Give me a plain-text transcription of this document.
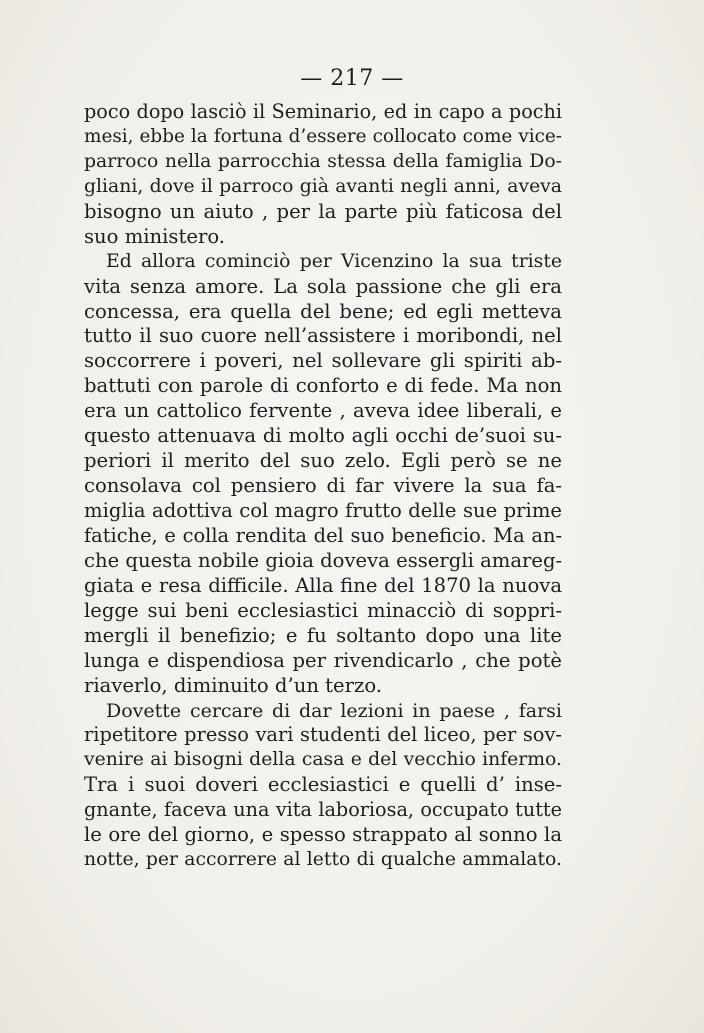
— 217 —
poco dopo lasciò il Seminario, ed in capo a pochi
mesi, ebbe la fortuna d’essere collocato come vice-
parroco nella parrocchia stessa della famiglia Do-
gliani, dove il parroco già avanti negli anni, aveva
bisogno un aiuto , per la parte più faticosa del
suo ministero.
Ed allora cominciò per Vicenzino la sua triste
vita senza amore. La sola passione che gli era
concessa, era quella del bene; ed egli metteva
tutto il suo cuore nell’assistere i moribondi, nel
soccorrere i poveri, nel sollevare gli spiriti ab-
battuti con parole di conforto e di fede. Ma non
era un cattolico fervente , aveva idee liberali, e
questo attenuava di molto agli occhi de’suoi su-
periori il merito del suo zelo. Egli però se ne
consolava col pensiero di far vivere la sua fa-
miglia adottiva col magro frutto delle sue prime
fatiche, e colla rendita del suo beneficio. Ma an-
che questa nobile gioia doveva essergli amareg-
giata e resa difficile. Alla fine del 1870 la nuova
legge sui beni ecclesiastici minacciò di soppri-
mergli il benefizio; e fu soltanto dopo una lite
lunga e dispendiosa per rivendicarlo , che potè
riaverlo, diminuito d’un terzo.
Dovette cercare di dar lezioni in paese , farsi
ripetitore presso vari studenti del liceo, per sov-
venire ai bisogni della casa e del vecchio infermo.
Tra i suoi doveri ecclesiastici e quelli d’ inse-
gnante, faceva una vita laboriosa, occupato tutte
le ore del giorno, e spesso strappato al sonno la
notte, per accorrere al letto di qualche ammalato.
